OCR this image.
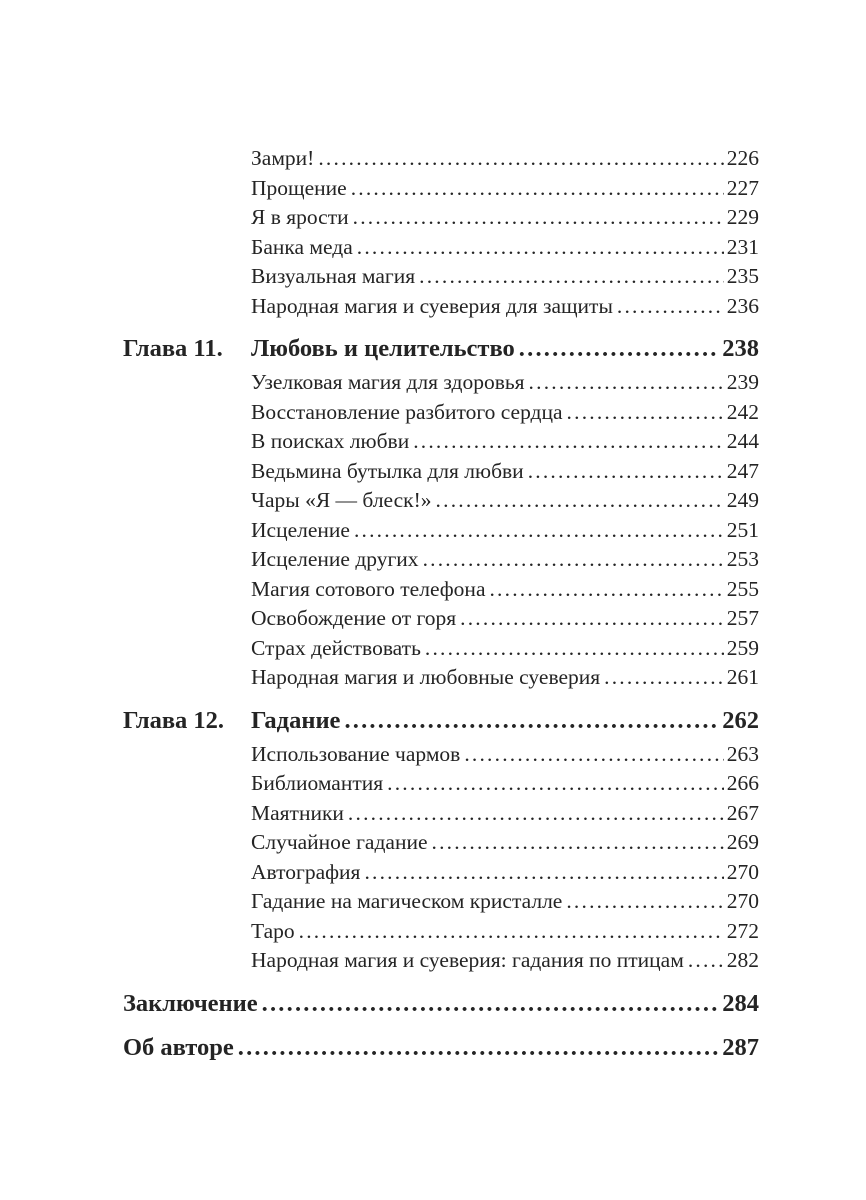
Замри! .....	226
Прощение .....	227
Я в ярости .....	229
Банка меда .....	231
Визуальная магия .....	235
Народная магия и суеверия для защиты .....	236
Глава 11.	Любовь и целительство .....	238
Узелковая магия для здоровья .....	239
Восстановление разбитого сердца .....	242
В поисках любви .....	244
Ведьмина бутылка для любви .....	247
Чары «Я — блеск!» .....	249
Исцеление .....	251
Исцеление других .....	253
Магия сотового телефона .....	255
Освобождение от горя .....	257
Страх действовать .....	259
Народная магия и любовные суеверия .....	261
Глава 12.	Гадание .....	262
Использование чармов .....	263
Библиомантия .....	266
Маятники .....	267
Случайное гадание .....	269
Автография .....	270
Гадание на магическом кристалле .....	270
Таро .....	272
Народная магия и суеверия: гадания по птицам ..... 282
Заключение .....	284
Об авторе .....	287
